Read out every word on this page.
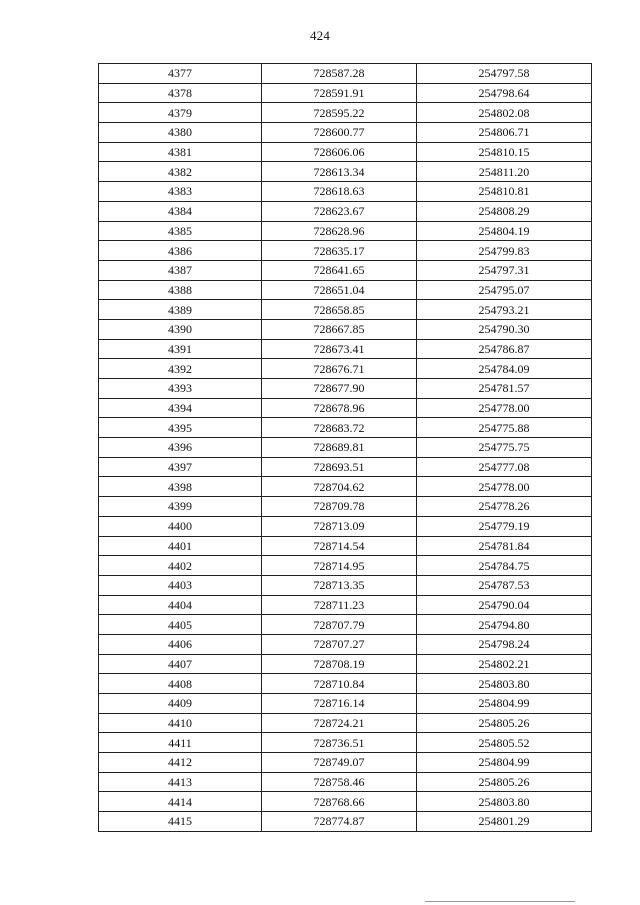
424
4377	728587.28	254797.58
4378	728591.91	254798.64
4379	728595.22	254802.08
4380	728600.77	254806.71
4381	728606.06	254810.15
4382	728613.34	254811.20
4383	728618.63	254810.81
4384	728623.67	254808.29
4385	728628.96	254804.19
4386	728635.17	254799.83
4387	728641.65	254797.31
4388	728651.04	254795.07
4389	728658.85	254793.21
4390	728667.85	254790.30
4391	728673.41	254786.87
4392	728676.71	254784.09
4393	728677.90	254781.57
4394	728678.96	254778.00
4395	728683.72	254775.88
4396	728689.81	254775.75
4397	728693.51	254777.08
4398	728704.62	254778.00
4399	728709.78	254778.26
4400	728713.09	254779.19
4401	728714.54	254781.84
4402	728714.95	254784.75
4403	728713.35	254787.53
4404	728711.23	254790.04
4405	728707.79	254794.80
4406	728707.27	254798.24
4407	728708.19	254802.21
4408	728710.84	254803.80
4409	728716.14	254804.99
4410	728724.21	254805.26
4411	728736.51	254805.52
4412	728749.07	254804.99
4413	728758.46	254805.26
4414	728768.66	254803.80
4415	728774.87	254801.29
